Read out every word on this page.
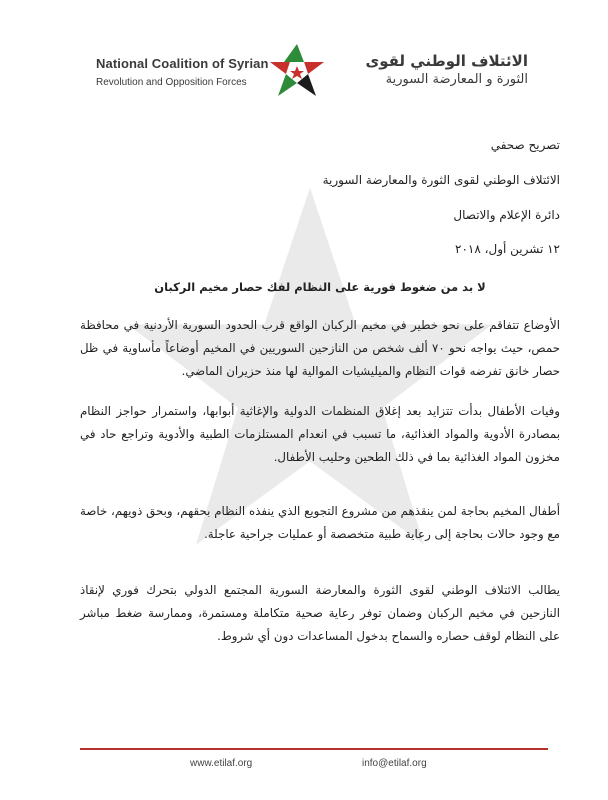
National Coalition of Syrian
Revolution and Opposition Forces
الائتلاف الوطني لقوى
الثورة و المعارضة السورية

تصريح صحفي

الائتلاف الوطني لقوى الثورة والمعارضة السورية

دائرة الإعلام والاتصال

١٢ تشرين أول، ٢٠١٨

لا بد من ضغوط فورية على النظام لفك حصار مخيم الركبان

الأوضاع تتفاقم على نحو خطير في مخيم الركبان الواقع قرب الحدود السورية الأردنية في محافظة حمص، حيث يواجه نحو ٧٠ ألف شخص من النازحين السوريين في المخيم أوضاعاً مأساوية في ظل حصار خانق تفرضه قوات النظام والميليشيات الموالية لها منذ حزيران الماضي.

وفيات الأطفال بدأت تتزايد بعد إغلاق المنظمات الدولية والإغاثية أبوابها، واستمرار حواجز النظام بمصادرة الأدوية والمواد الغذائية، ما تسبب في انعدام المستلزمات الطبية والأدوية وتراجع حاد في مخزون المواد الغذائية بما في ذلك الطحين وحليب الأطفال.

أطفال المخيم بحاجة لمن ينقذهم من مشروع التجويع الذي ينفذه النظام بحقهم، وبحق ذويهم، خاصة مع وجود حالات بحاجة إلى رعاية طبية متخصصة أو عمليات جراحية عاجلة.

يطالب الائتلاف الوطني لقوى الثورة والمعارضة السورية المجتمع الدولي بتحرك فوري لإنقاذ النازحين في مخيم الركبان وضمان توفر رعاية صحية متكاملة ومستمرة، وممارسة ضغط مباشر على النظام لوقف حصاره والسماح بدخول المساعدات دون أي شروط.

www.etilaf.org	info@etilaf.org
